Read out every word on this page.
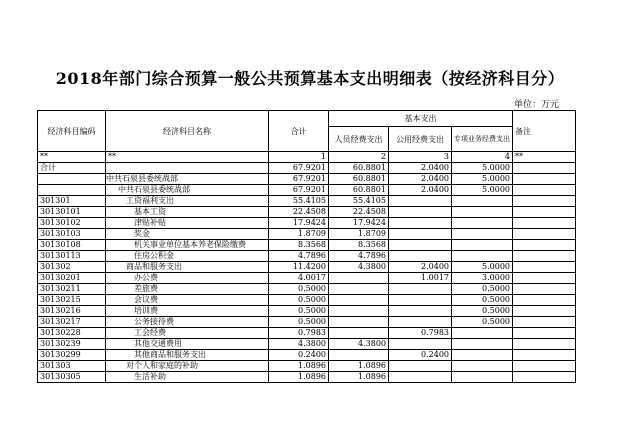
2018年部门综合预算一般公共预算基本支出明细表（按经济科目分）
单位：万元
经济科目编码	经济科目名称	合计	基本支出			备注
			人员经费支出	公用经费支出	专项业务经费支出	
**	**	1	2	3	4	**
合计		67.9201	60.8801	2.0400	5.0000	
	中共石泉县委统战部	67.9201	60.8801	2.0400	5.0000	
	中共石泉县委统战部	67.9201	60.8801	2.0400	5.0000	
301301	工资福利支出	55.4105	55.4105			
30130101	基本工资	22.4508	22.4508			
30130102	津贴补贴	17.9424	17.9424			
30130103	奖金	1.8709	1.8709			
30130108	机关事业单位基本养老保险缴费	8.3568	8.3568			
30130113	住房公积金	4.7896	4.7896			
301302	商品和服务支出	11.4200	4.3800	2.0400	5.0000	
30130201	办公费	4.0017		1.0017	3.0000	
30130211	差旅费	0.5000			0.5000	
30130215	会议费	0.5000			0.5000	
30130216	培训费	0.5000			0.5000	
30130217	公务接待费	0.5000			0.5000	
30130228	工会经费	0.7983		0.7983		
30130239	其他交通费用	4.3800	4.3800			
30130299	其他商品和服务支出	0.2400		0.2400		
301303	对个人和家庭的补助	1.0896	1.0896			
30130305	生活补助	1.0896	1.0896			
